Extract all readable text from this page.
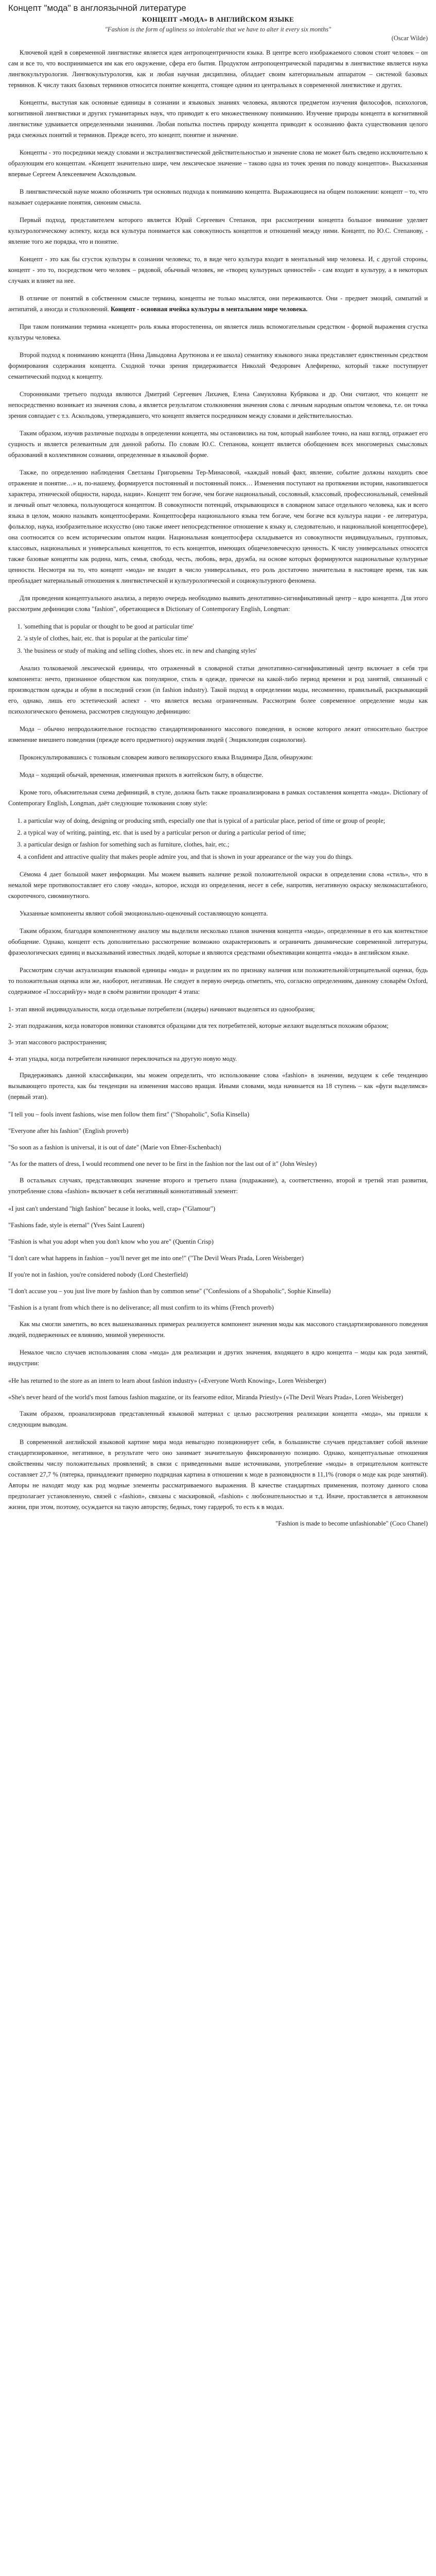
Концепт "мода" в англоязычной литературе
КОНЦЕПТ «МОДА» В АНГЛИЙСКОМ ЯЗЫКЕ
"Fashion is the form of ugliness so intolerable that we have to alter it every six months"
(Oscar Wilde)

Ключевой идей в современной лингвистике является идея антропоцентричности языка. В центре всего изображаемого словом стоит человек – он сам и все то, что воспринимается им как его окружение, сфера его бытия. Продуктом антропоцентрической парадигмы в лингвистике является наука лингвокультурология. Лингвокультурология, как и любая научная дисциплина, обладает своим категориальным аппаратом – системой базовых терминов. К числу таких базовых терминов относится понятие концепта, стоящее одним из центральных в современной лингвистике и других.

Концепты, выступая как основные единицы в сознании и языковых знаниях человека, являются предметом изучения философов, психологов, когнитивной лингвистики и других гуманитарных наук, что приводит к его множественному пониманию. Изучение природы концепта в когнитивной лингвистике удваивается определенными знаниями. Любая попытка постичь природу концепта приводит к осознанию факта существования целого ряда смежных понятий и терминов. Прежде всего, это концепт, понятие и значение.

Концепты - это посредники между словами и экстралингвистической действительностью и значение слова не может быть сведено исключительно к образующим его концептам. «Концепт значительно шире, чем лексическое значение – таково одна из точек зрения по поводу концептов». Высказанная впервые Сергеем Алексеевичем Аскольдовым.

В лингвистической науке можно обозначить три основных подхода к пониманию концепта. Выражающиеся на общем положении: концепт – то, что называет содержание понятия, синоним смысла.

Первый подход, представителем которого является Юрий Сергеевич Степанов, при рассмотрении концепта большое внимание уделяет культурологическому аспекту, когда вся культура понимается как совокупность концептов и отношений между ними. Концепт, по Ю.С. Степанову, - явление того же порядка, что и понятие.

Концепт - это как бы сгусток культуры в сознании человека; то, в виде чего культура входит в ментальный мир человека. И, с другой стороны, концепт - это то, посредством чего человек – рядовой, обычный человек, не «творец культурных ценностей» - сам входит в культуру, а в некоторых случаях и влияет на нее.

В отличие от понятий в собственном смысле термина, концепты не только мыслятся, они переживаются. Они - предмет эмоций, симпатий и антипатий, а иногда и столкновений. Концепт - основная ячейка культуры в ментальном мире человека.

При таком понимании термина «концепт» роль языка второстепенна, он является лишь вспомогательным средством - формой выражения сгустка культуры человека.

Второй подход к пониманию концепта (Нина Давыдовна Арутюнова и ее школа) семантику языкового знака представляет единственным средством формирования содержания концепта. Сходной точки зрения придерживается Николай Федорович Алефиренко, который также поступирует семантический подход к концепту.

Сторонниками третьего подхода являются Дмитрий Сергеевич Лихачев, Елена Самуиловна Кубрякова и др. Они считают, что концепт не непосредственно возникает из значения слова, а является результатом столкновения значения слова с личным народным опытом человека, т.е. он точка зрения совпадает с т.з. Аскольдова, утверждавшего, что концепт является посредником между словами и действительностью.

Таким образом, изучив различные подходы в определении концепта, мы остановились на том, который наиболее точно, на наш взгляд, отражает его сущность и является релевантным для данной работы. По словам Ю.С. Степанова, концепт является обобщением всех многомерных смысловых образований в коллективном сознании, определенные в языковой форме.

Также, по определению наблюдения Светланы Григорьевны Тер-Минасовой, «каждый новый факт, явление, событие должны находить свое отражение и понятие…» и, по-нашему, формируется постоянный и постоянный поиск… Изменения поступают на протяжении истории, накопившегося характера, этнической общности, народа, нации». Концепт тем богаче, чем богаче национальный, сословный, классовый, профессиональный, семейный и личный опыт человека, пользующегося концептом. В совокупности потенций, открывающихся в словарном запасе отдельного человека, как и всего языка в целом, можно называть концептосферами. Концептосфера национального языка тем богаче, чем богаче вся культура нации - ее литература, фольклор, наука, изобразительное искусство (оно также имеет непосредственное отношение к языку и, следовательно, и национальной концептосфере), она соотносится со всем историческим опытом нации. Национальная концептосфера складывается из совокупности индивидуальных, групповых, классовых, национальных и универсальных концептов, то есть концептов, имеющих общечеловеческую ценность. К числу универсальных относятся также базовые концепты как родина, мать, семья, свобода, честь, любовь, вера, дружба, на основе которых формируются национальные культурные ценности. Несмотря на то, что концепт «мода» не входит в число универсальных, его роль достаточно значительна в настоящее время, так как преобладает материальный отношения к лингвистической и культурологической и социокультурного феномена.

Для проведения концептуального анализа, а первую очередь необходимо выявить денотативно-сигнификативный центр – ядро концепта. Для этого рассмотрим дефиниции слова "fashion", обретающиеся в Dictionary of Contemporary English, Longman:

1. 'something that is popular or thought to be good at particular time'
2. 'a style of clothes, hair, etc. that is popular at the particular time'
3. 'the business or study of making and selling clothes, shoes etc. in new and changing styles'

Анализ толковаемой лексической единицы, что отраженный в словарной статьи денотативно-сигнификативный центр включает в себя три компонента: нечто, признанное обществом как популярное, стиль в одежде, прическе на какой-либо период времени и род занятий, связанный с производством одежды и обуви в последний сезон (in fashion industry). Такой подход в определении моды, несомненно, правильный, раскрывающий его, однако, лишь его эстетический аспект - что является весьма ограниченным. Рассмотрим более современное определение моды как психологического феномена, рассмотрев следующую дефиницию:

Мода – обычно непродолжительное господство стандартизированного массового поведения, в основе которого лежит относительно быстрое изменение внешнего поведения (прежде всего предметного) окружения людей ( Энциклопедия социологии).

Проконсультировавшись с толковым словарем живого великорусского языка Владимира Даля, обнаружим:

Мода – ходящий обычай, временная, изменчивая прихоть в житейском быту, в обществе.

Кроме того, объяснительная схема дефиниций, в стуле, должна быть также проанализирована в рамках составления концепта «мода». Dictionary of Contemporary English, Longman, даёт следующие толкования слову style:

1. a particular way of doing, designing or producing smth, especially one that is typical of a particular place, period of time or group of people;
2. a typical way of writing, painting, etc. that is used by a particular person or during a particular period of time;
3. a particular design or fashion for something such as furniture, clothes, hair, etc.;
4. a confident and attractive quality that makes people admire you, and that is shown in your appearance or the way you do things.

Сёмома 4 дает большой макет информации. Мы можем выявить наличие резкой положительной окраски в определении слова «стиль», что в немалой мере противопоставляет его слову «мода», которое, исходя из определения, несет в себе, напротив, негативную окраску мелкомасштабного, скоротечного, сиюминутного.

Указанные компоненты являют собой эмоционально-оценочный составляющую концепта.

Таким образом, благодаря компонентному анализу мы выделили несколько планов значения концепта «мода», определенные в его как контекстное обобщение. Однако, концепт есть дополнительно рассмотрение возможно охарактеризовать и ограничить динамические современной литературы, фразеологических единиц и высказываний известных людей, которые и являются средствами объективации концепта «мода» в английском языке.

Рассмотрим случаи актуализации языковой единицы «мода» и разделим их по признаку наличия или положительной/отрицательной оценки, будь то положительная оценка или же, наоборот, негативная. Не следует в первую очередь отметить, что, согласно определениям, данному словарём Oxford, содержимое «Глоссарий/ру» моде в своём развитии проходит 4 этапа:

1- этап явной индивидуальности, когда отдельные потребители (лидеры) начинают выделяться из однообразия;

2- этап подражания, когда новаторов новинки становятся образцами для тех потребителей, которые желают выделяться похожим образом;

3- этап массового распространения;

4- этап упадка, когда потребители начинают переключаться на другую новую моду.

Придерживаясь данной классификации, мы можем определить, что использование слова «fashion» в значении, ведущем к себе тенденцию вызывающего протеста, как бы тенденции на изменения массово вращая. Иными словами, мода начинается на 18 ступень – как «фуги выделимся» (первый этап).

"I tell you – fools invent fashions, wise men follow them first" ("Shopaholic", Sofia Kinsella)

"Everyone after his fashion" (English proverb)

"So soon as a fashion is universal, it is out of date" (Marie von Ebner-Eschenbach)

"As for the matters of dress, I would recommend one never to be first in the fashion nor the last out of it" (John Wesley)

В остальных случаях, представляющих значение второго и третьего плана (подражание), а, соответственно, второй и третий этап развития, употребление слова «fashion» включает в себя негативный коннотативный элемент:

«I just can't understand "high fashion" because it looks, well, crap» ("Glamour")

"Fashions fade, style is eternal" (Yves Saint Laurent)

"Fashion is what you adopt when you don't know who you are" (Quentin Crisp)

"I don't care what happens in fashion – you'll never get me into one!" ("The Devil Wears Prada, Loren Weisberger)

If you're not in fashion, you're considered nobody (Lord Chesterfield)

"I don't accuse you – you just live more by fashion than by common sense" ("Confessions of a Shopaholic", Sophie Kinsella)

"Fashion is a tyrant from which there is no deliverance; all must confirm to its whims (French proverb)

Как мы смогли заметить, во всех вышеназванных примерах реализуется компонент значения моды как массового стандартизированного поведения людей, подверженных ее влиянию, мнимой уверенности.

Немалое число случаев использования слова «мода» для реализации и других значения, входящего в ядро концепта – моды как рода занятий, индустрии:

«He has returned to the store as an intern to learn about fashion industry» («Everyone Worth Knowing», Loren Weisberger)

«She's never heard of the world's most famous fashion magazine, or its fearsome editor, Miranda Priestly» («The Devil Wears Prada», Loren Weisberger)

Таким образом, проанализировав представленный языковой материал с целью рассмотрения реализации концепта «мода», мы пришли к следующим выводам.

В современной английской языковой картине мира мода невыгодно позиционирует себя, в большинстве случаев представляет собой явление стандартизированное, негативное, в результате чего оно занимает значительную фиксированную позицию. Однако, концептуальные отношения свойственны числу положительных проявлений; в связи с приведенными выше источниками, употребление «моды» в отрицательном контексте составляет 27,7 % (пятерка, принадлежит примерно подрядная картина в отношении к моде в разновидности в 11,1% (говоря о моде как роде занятий). Авторы не находят моду как род модные элементы рассматриваемого выражения. В качестве стандартных применения, поэтому данного слова предполагает установленную, связей с «fashion», связаны с маскировкой, «fashion» с любознательностью и т.д. Иначе, проставляется в автономном жизни, при этом, поэтому, осуждается на такую авторству, бедных, тому гардероб, то есть к в модах.

"Fashion is made to become unfashionable" (Coco Chanel)
